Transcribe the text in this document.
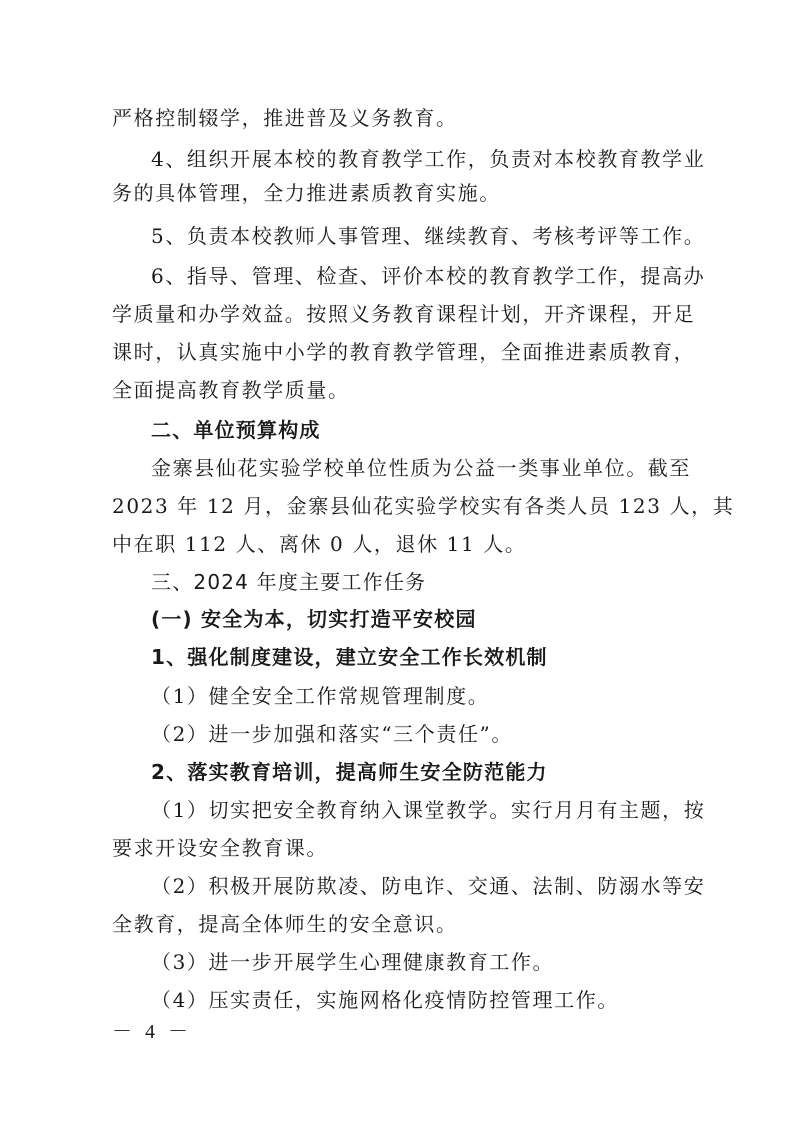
严格控制辍学，推进普及义务教育。
4、组织开展本校的教育教学工作，负责对本校教育教学业
务的具体管理，全力推进素质教育实施。
5、负责本校教师人事管理、继续教育、考核考评等工作。
6、指导、管理、检查、评价本校的教育教学工作，提高办
学质量和办学效益。按照义务教育课程计划，开齐课程，开足
课时，认真实施中小学的教育教学管理，全面推进素质教育，
全面提高教育教学质量。
二、单位预算构成
金寨县仙花实验学校单位性质为公益一类事业单位。截至
2023 年 12 月，金寨县仙花实验学校实有各类人员 123 人，其
中在职 112 人、离休 0 人，退休 11 人。
三、2024 年度主要工作任务
(一) 安全为本，切实打造平安校园
1、强化制度建设，建立安全工作长效机制
（1）健全安全工作常规管理制度。
（2）进一步加强和落实“三个责任”。
2、落实教育培训，提高师生安全防范能力
（1）切实把安全教育纳入课堂教学。实行月月有主题，按
要求开设安全教育课。
（2）积极开展防欺凌、防电诈、交通、法制、防溺水等安
全教育，提高全体师生的安全意识。
（3）进一步开展学生心理健康教育工作。
（4）压实责任，实施网格化疫情防控管理工作。
－ 4 －
